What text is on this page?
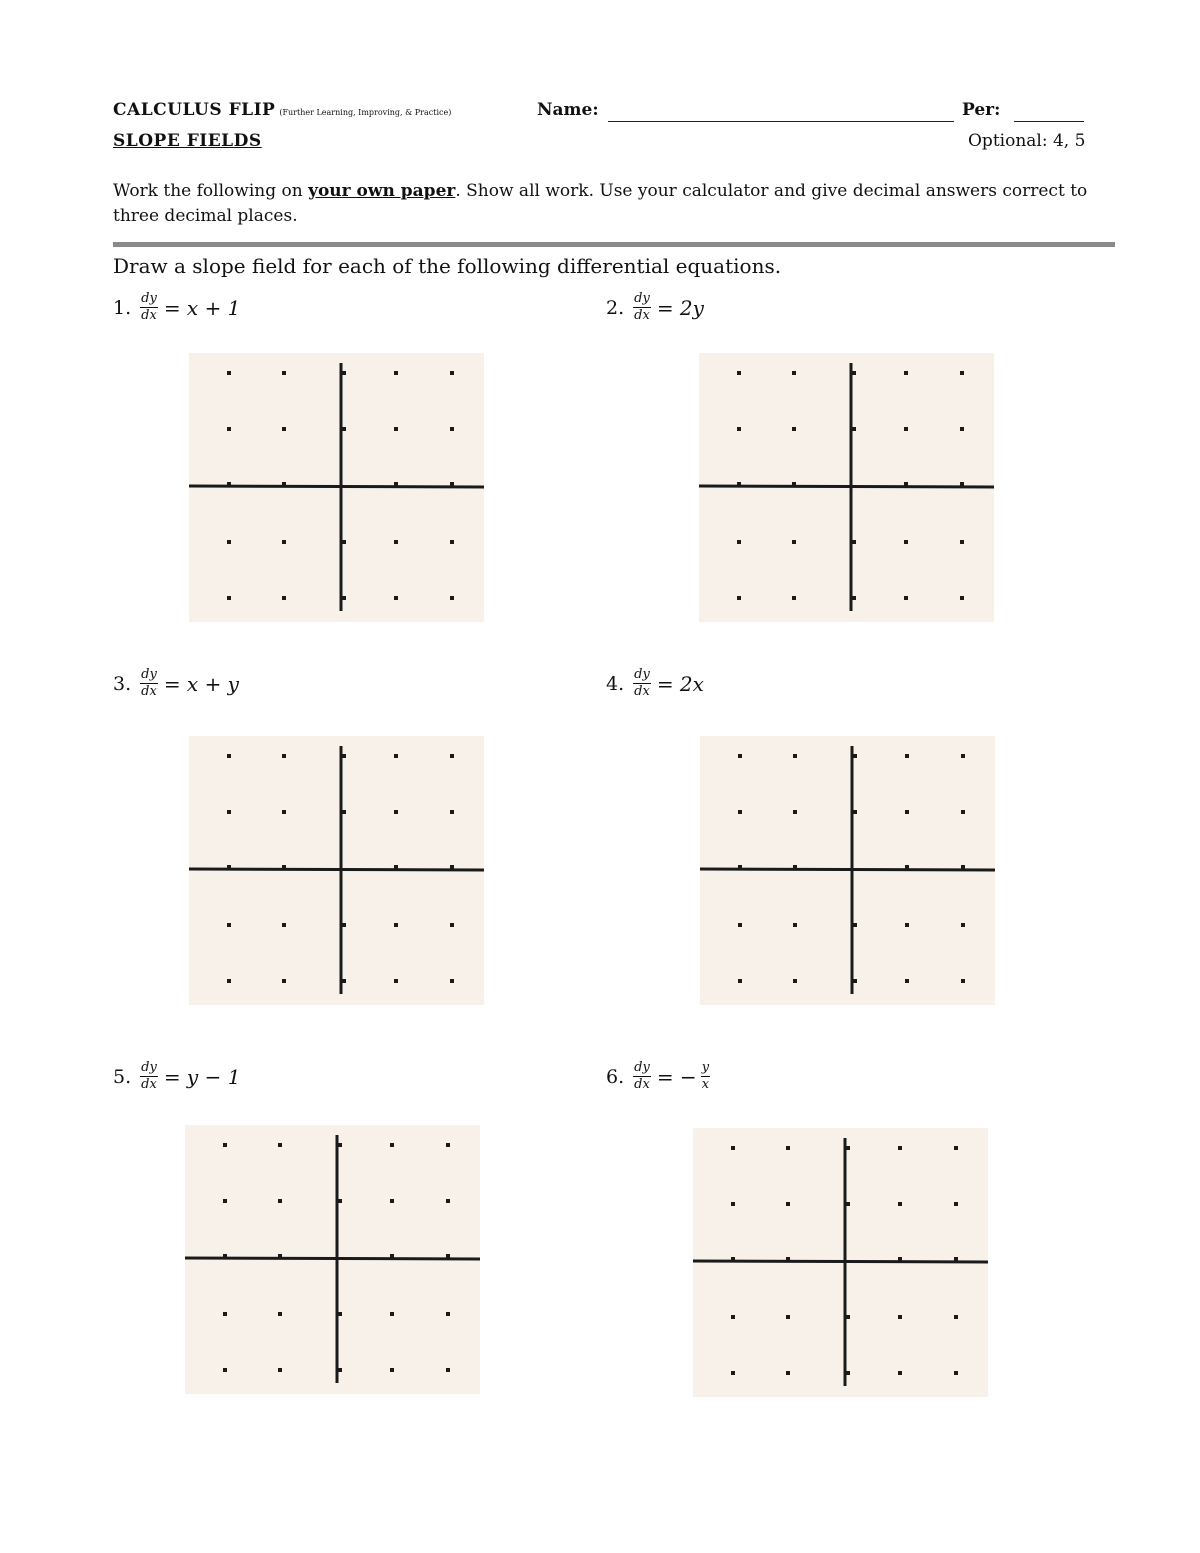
CALCULUS FLIP (Further Learning, Improving, & Practice)	Name:	Per:
SLOPE FIELDS	Optional: 4, 5
Work the following on your own paper. Show all work. Use your calculator and give decimal answers correct to three decimal places.
Draw a slope field for each of the following differential equations.
1. $\frac{dy}{dx} = x + 1$	2. $\frac{dy}{dx} = 2y$
3. $\frac{dy}{dx} = x + y$	4. $\frac{dy}{dx} = 2x$
5. $\frac{dy}{dx} = y - 1$	6. $\frac{dy}{dx}$ = − $\frac{y}{x}$
